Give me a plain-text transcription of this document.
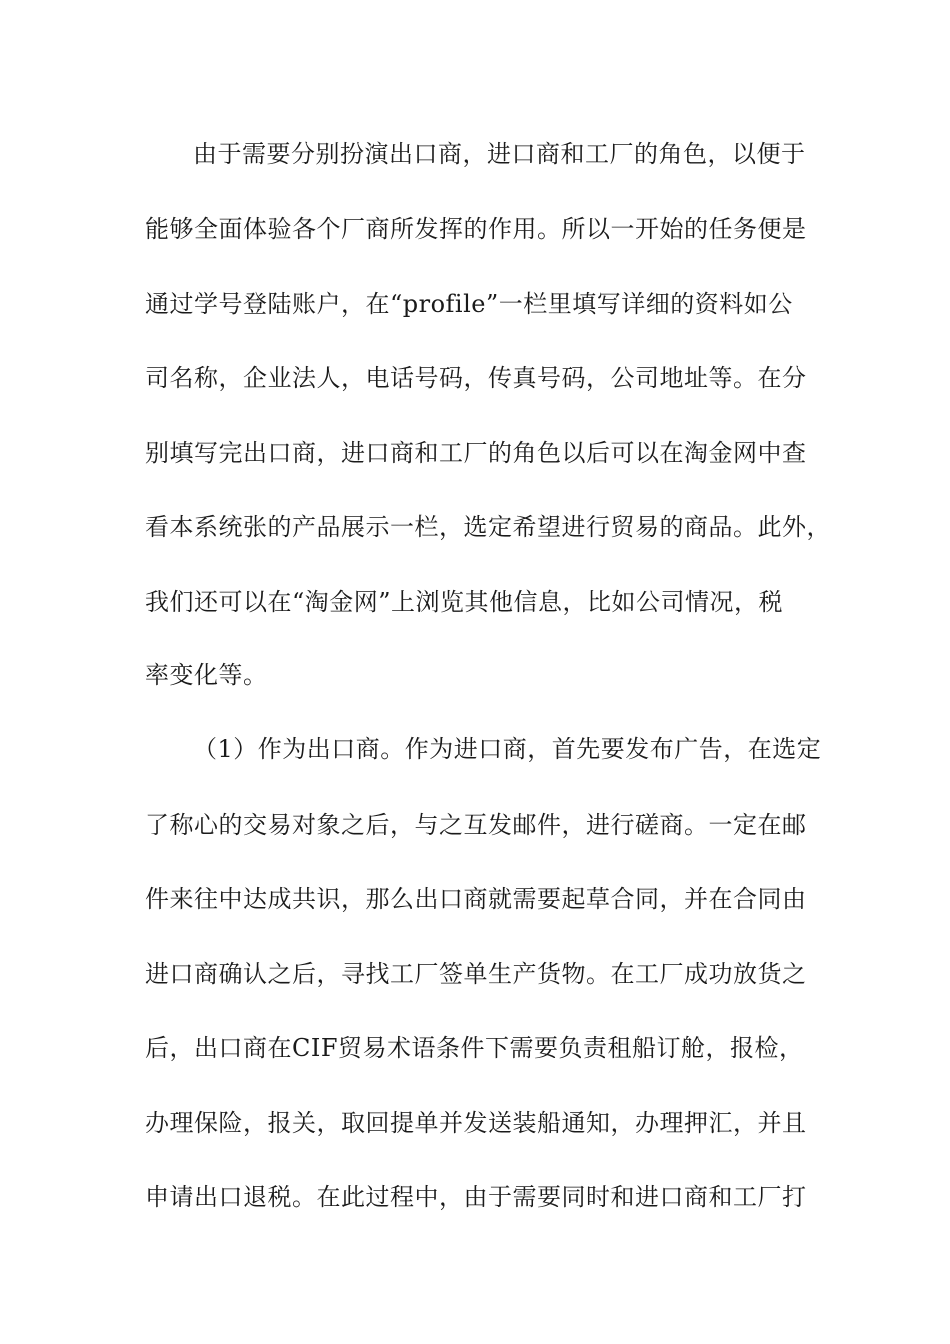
由于需要分别扮演出口商，进口商和工厂的角色，以便于
能够全面体验各个厂商所发挥的作用。所以一开始的任务便是
通过学号登陆账户，在“profile”一栏里填写详细的资料如公
司名称，企业法人，电话号码，传真号码，公司地址等。在分
别填写完出口商，进口商和工厂的角色以后可以在淘金网中查
看本系统张的产品展示一栏，选定希望进行贸易的商品。此外，
我们还可以在“淘金网”上浏览其他信息，比如公司情况，税
率变化等。
（1）作为出口商。作为进口商，首先要发布广告，在选定
了称心的交易对象之后，与之互发邮件，进行磋商。一定在邮
件来往中达成共识，那么出口商就需要起草合同，并在合同由
进口商确认之后，寻找工厂签单生产货物。在工厂成功放货之
后，出口商在CIF贸易术语条件下需要负责租船订舱，报检，
办理保险，报关，取回提单并发送装船通知，办理押汇，并且
申请出口退税。在此过程中，由于需要同时和进口商和工厂打
